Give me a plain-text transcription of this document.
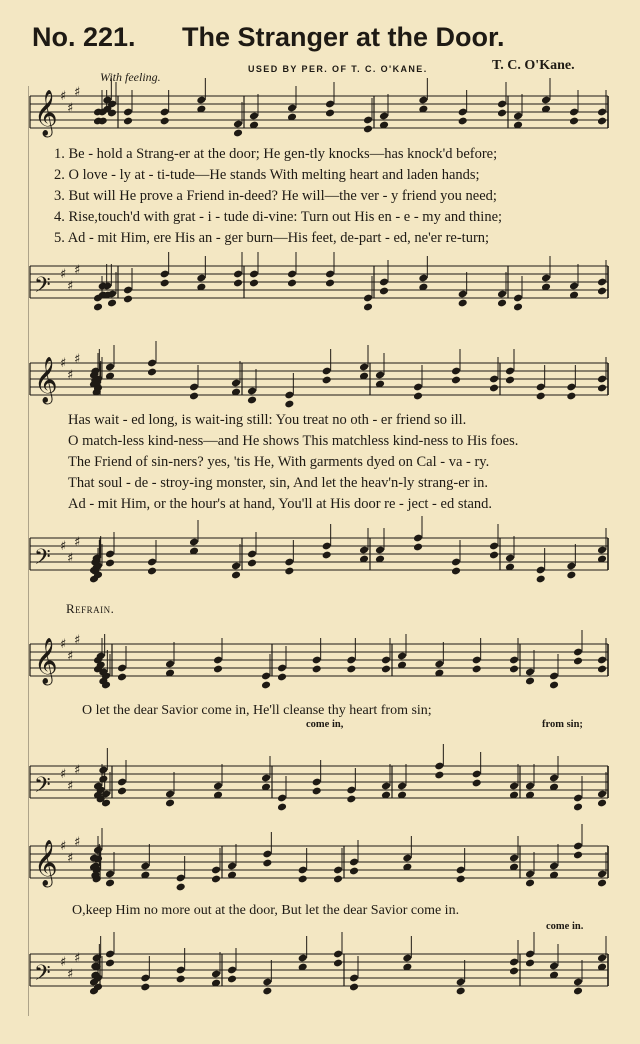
No. 221. The Stranger at the Door.
USED BY PER. OF T. C. O'KANE.	T. C. O'Kane.
With feeling.
𝄞 ♯
♯
♯
𝄢 ♯
♯
♯
𝄞 ♯
♯
♯
𝄢 ♯
♯
♯
𝄞 ♯
♯
♯
𝄢 ♯
♯
♯
𝄞 ♯
♯
♯
𝄢 ♯
♯
♯
1. Be - hold a Strang-er at the door; He gen-tly knocks—has knock'd before;
2. O love - ly at - ti-tude—He stands With melting heart and laden hands;
3. But will He prove a Friend in-deed? He will—the ver - y friend you need;
4. Rise,touch'd with grat - i - tude di-vine: Turn out His en - e - my and thine;
5. Ad - mit Him, ere His an - ger burn—His feet, de-part - ed, ne'er re-turn;
Has wait - ed long, is wait-ing still: You treat no oth - er friend so ill.
O match-less kind-ness—and He shows This matchless kind-ness to His foes.
The Friend of sin-ners? yes, 'tis He, With garments dyed on Cal - va - ry.
That soul - de - stroy-ing monster, sin, And let the heav'n-ly strang-er in.
Ad - mit Him, or the hour's at hand, You'll at His door re - ject - ed stand.
Refrain.
O let the dear Savior come in, He'll cleanse thy heart from sin;
come in,	from sin;
O,keep Him no more out at the door, But let the dear Savior come in.
come in.
